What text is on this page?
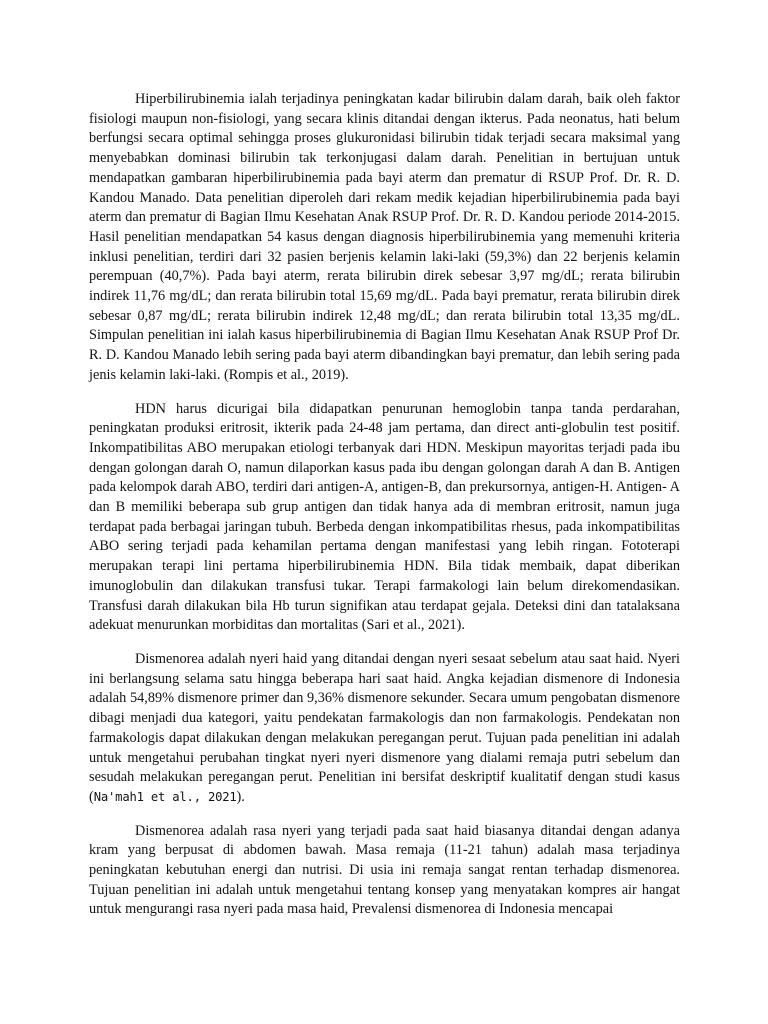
Hiperbilirubinemia ialah terjadinya peningkatan kadar bilirubin dalam darah, baik oleh faktor fisiologi maupun non-fisiologi, yang secara klinis ditandai dengan ikterus. Pada neonatus, hati belum berfungsi secara optimal sehingga proses glukuronidasi bilirubin tidak terjadi secara maksimal yang menyebabkan dominasi bilirubin tak terkonjugasi dalam darah. Penelitian in bertujuan untuk mendapatkan gambaran hiperbilirubinemia pada bayi aterm dan prematur di RSUP Prof. Dr. R. D. Kandou Manado. Data penelitian diperoleh dari rekam medik kejadian hiperbilirubinemia pada bayi aterm dan prematur di Bagian Ilmu Kesehatan Anak RSUP Prof. Dr. R. D. Kandou periode 2014-2015. Hasil penelitian mendapatkan 54 kasus dengan diagnosis hiperbilirubinemia yang memenuhi kriteria inklusi penelitian, terdiri dari 32 pasien berjenis kelamin laki-laki (59,3%) dan 22 berjenis kelamin perempuan (40,7%). Pada bayi aterm, rerata bilirubin direk sebesar 3,97 mg/dL; rerata bilirubin indirek 11,76 mg/dL; dan rerata bilirubin total 15,69 mg/dL. Pada bayi prematur, rerata bilirubin direk sebesar 0,87 mg/dL; rerata bilirubin indirek 12,48 mg/dL; dan rerata bilirubin total 13,35 mg/dL. Simpulan penelitian ini ialah kasus hiperbilirubinemia di Bagian Ilmu Kesehatan Anak RSUP Prof Dr. R. D. Kandou Manado lebih sering pada bayi aterm dibandingkan bayi prematur, dan lebih sering pada jenis kelamin laki-laki. (Rompis et al., 2019).

HDN harus dicurigai bila didapatkan penurunan hemoglobin tanpa tanda perdarahan, peningkatan produksi eritrosit, ikterik pada 24-48 jam pertama, dan direct anti-globulin test positif. Inkompatibilitas ABO merupakan etiologi terbanyak dari HDN. Meskipun mayoritas terjadi pada ibu dengan golongan darah O, namun dilaporkan kasus pada ibu dengan golongan darah A dan B. Antigen pada kelompok darah ABO, terdiri dari antigen-A, antigen-B, dan prekursornya, antigen-H. Antigen- A dan B memiliki beberapa sub grup antigen dan tidak hanya ada di membran eritrosit, namun juga terdapat pada berbagai jaringan tubuh. Berbeda dengan inkompatibilitas rhesus, pada inkompatibilitas ABO sering terjadi pada kehamilan pertama dengan manifestasi yang lebih ringan. Fototerapi merupakan terapi lini pertama hiperbilirubinemia HDN. Bila tidak membaik, dapat diberikan imunoglobulin dan dilakukan transfusi tukar. Terapi farmakologi lain belum direkomendasikan. Transfusi darah dilakukan bila Hb turun signifikan atau terdapat gejala. Deteksi dini dan tatalaksana adekuat menurunkan morbiditas dan mortalitas (Sari et al., 2021).

Dismenorea adalah nyeri haid yang ditandai dengan nyeri sesaat sebelum atau saat haid. Nyeri ini berlangsung selama satu hingga beberapa hari saat haid. Angka kejadian dismenore di Indonesia adalah 54,89% dismenore primer dan 9,36% dismenore sekunder. Secara umum pengobatan dismenore dibagi menjadi dua kategori, yaitu pendekatan farmakologis dan non farmakologis. Pendekatan non farmakologis dapat dilakukan dengan melakukan peregangan perut. Tujuan pada penelitian ini adalah untuk mengetahui perubahan tingkat nyeri nyeri dismenore yang dialami remaja putri sebelum dan sesudah melakukan peregangan perut. Penelitian ini bersifat deskriptif kualitatif dengan studi kasus (Na'mah1 et al., 2021).

Dismenorea adalah rasa nyeri yang terjadi pada saat haid biasanya ditandai dengan adanya kram yang berpusat di abdomen bawah. Masa remaja (11-21 tahun) adalah masa terjadinya peningkatan kebutuhan energi dan nutrisi. Di usia ini remaja sangat rentan terhadap dismenorea. Tujuan penelitian ini adalah untuk mengetahui tentang konsep yang menyatakan kompres air hangat untuk mengurangi rasa nyeri pada masa haid, Prevalensi dismenorea di Indonesia mencapai
